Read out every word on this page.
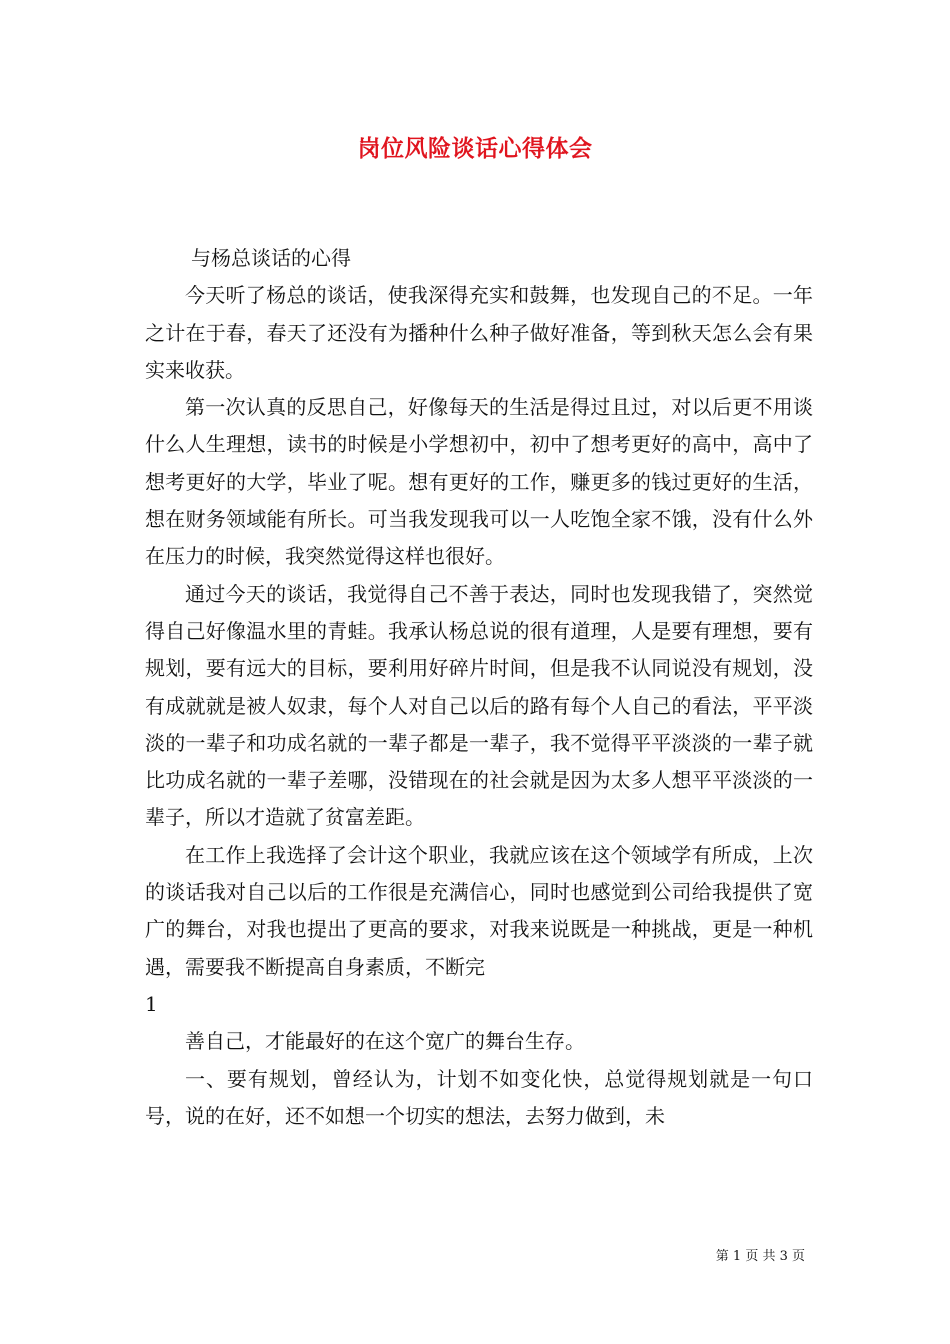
岗位风险谈话心得体会

与杨总谈话的心得

今天听了杨总的谈话，使我深得充实和鼓舞，也发现自己的不足。一年之计在于春，春天了还没有为播种什么种子做好准备，等到秋天怎么会有果实来收获。

第一次认真的反思自己，好像每天的生活是得过且过，对以后更不用谈什么人生理想，读书的时候是小学想初中，初中了想考更好的高中，高中了想考更好的大学，毕业了呢。想有更好的工作，赚更多的钱过更好的生活，想在财务领域能有所长。可当我发现我可以一人吃饱全家不饿，没有什么外在压力的时候，我突然觉得这样也很好。

通过今天的谈话，我觉得自己不善于表达，同时也发现我错了，突然觉得自己好像温水里的青蛙。我承认杨总说的很有道理，人是要有理想，要有规划，要有远大的目标，要利用好碎片时间，但是我不认同说没有规划，没有成就就是被人奴隶，每个人对自己以后的路有每个人自己的看法，平平淡淡的一辈子和功成名就的一辈子都是一辈子，我不觉得平平淡淡的一辈子就比功成名就的一辈子差哪，没错现在的社会就是因为太多人想平平淡淡的一辈子，所以才造就了贫富差距。

在工作上我选择了会计这个职业，我就应该在这个领域学有所成，上次的谈话我对自己以后的工作很是充满信心，同时也感觉到公司给我提供了宽广的舞台，对我也提出了更高的要求，对我来说既是一种挑战，更是一种机遇，需要我不断提高自身素质，不断完

1

善自己，才能最好的在这个宽广的舞台生存。

一、要有规划，曾经认为，计划不如变化快，总觉得规划就是一句口号，说的在好，还不如想一个切实的想法，去努力做到，未

第 1 页 共 3 页
